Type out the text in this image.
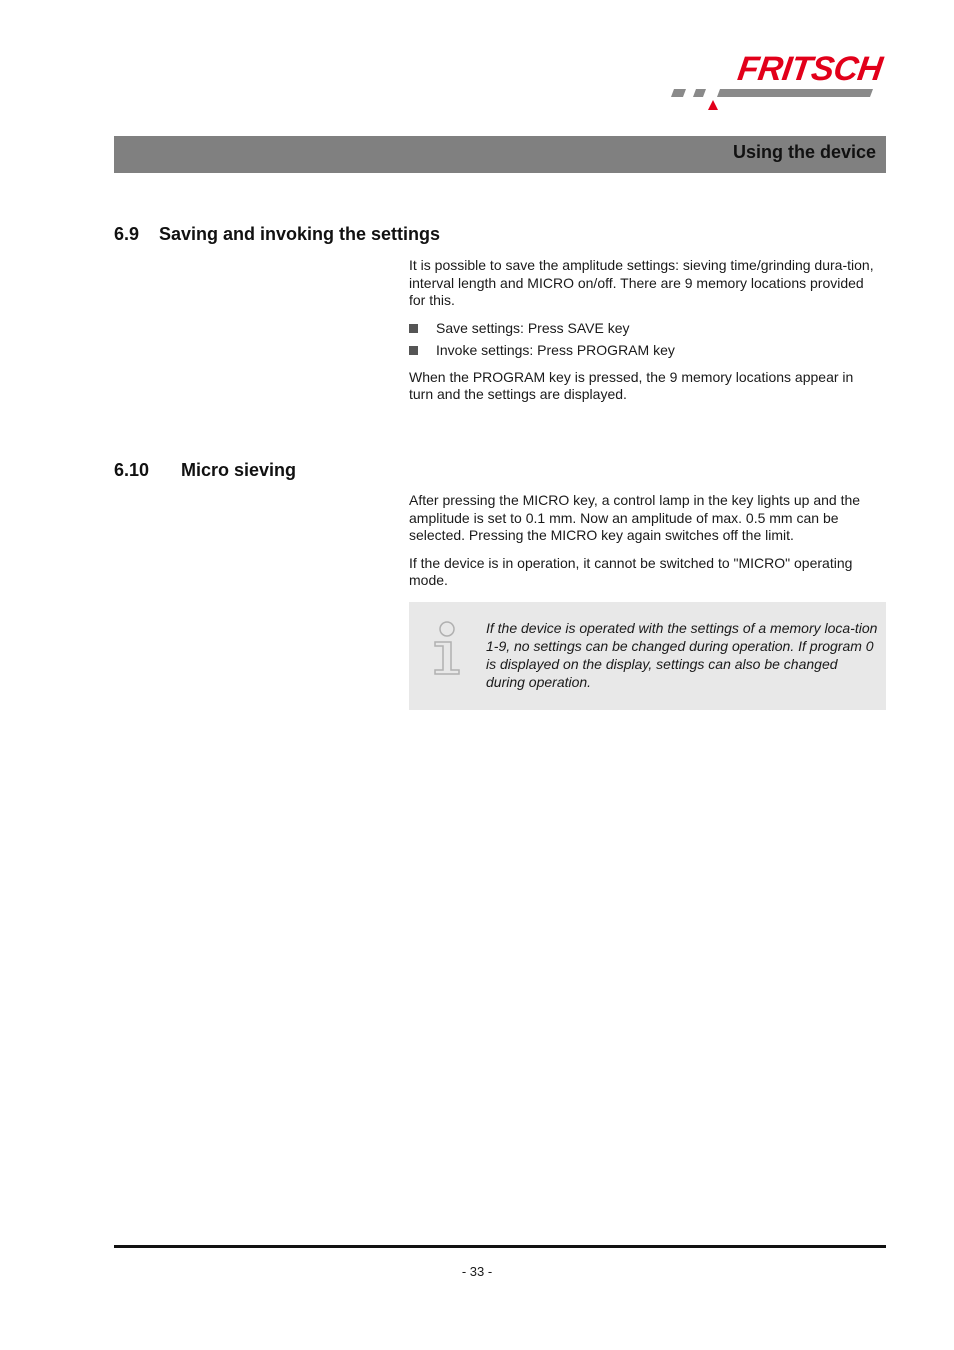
FRITSCH
Using the device
6.9 Saving and invoking the settings

It is possible to save the amplitude settings: sieving time/grinding dura-tion, interval length and MICRO on/off. There are 9 memory locations provided for this.

Save settings: Press SAVE key
Invoke settings: Press PROGRAM key

When the PROGRAM key is pressed, the 9 memory locations appear in turn and the settings are displayed.

6.10 Micro sieving

After pressing the MICRO key, a control lamp in the key lights up and the amplitude is set to 0.1 mm. Now an amplitude of max. 0.5 mm can be selected. Pressing the MICRO key again switches off the limit.

If the device is in operation, it cannot be switched to "MICRO" operating mode.

If the device is operated with the settings of a memory loca-tion 1-9, no settings can be changed during operation. If program 0 is displayed on the display, settings can also be changed during operation.
- 33 -
